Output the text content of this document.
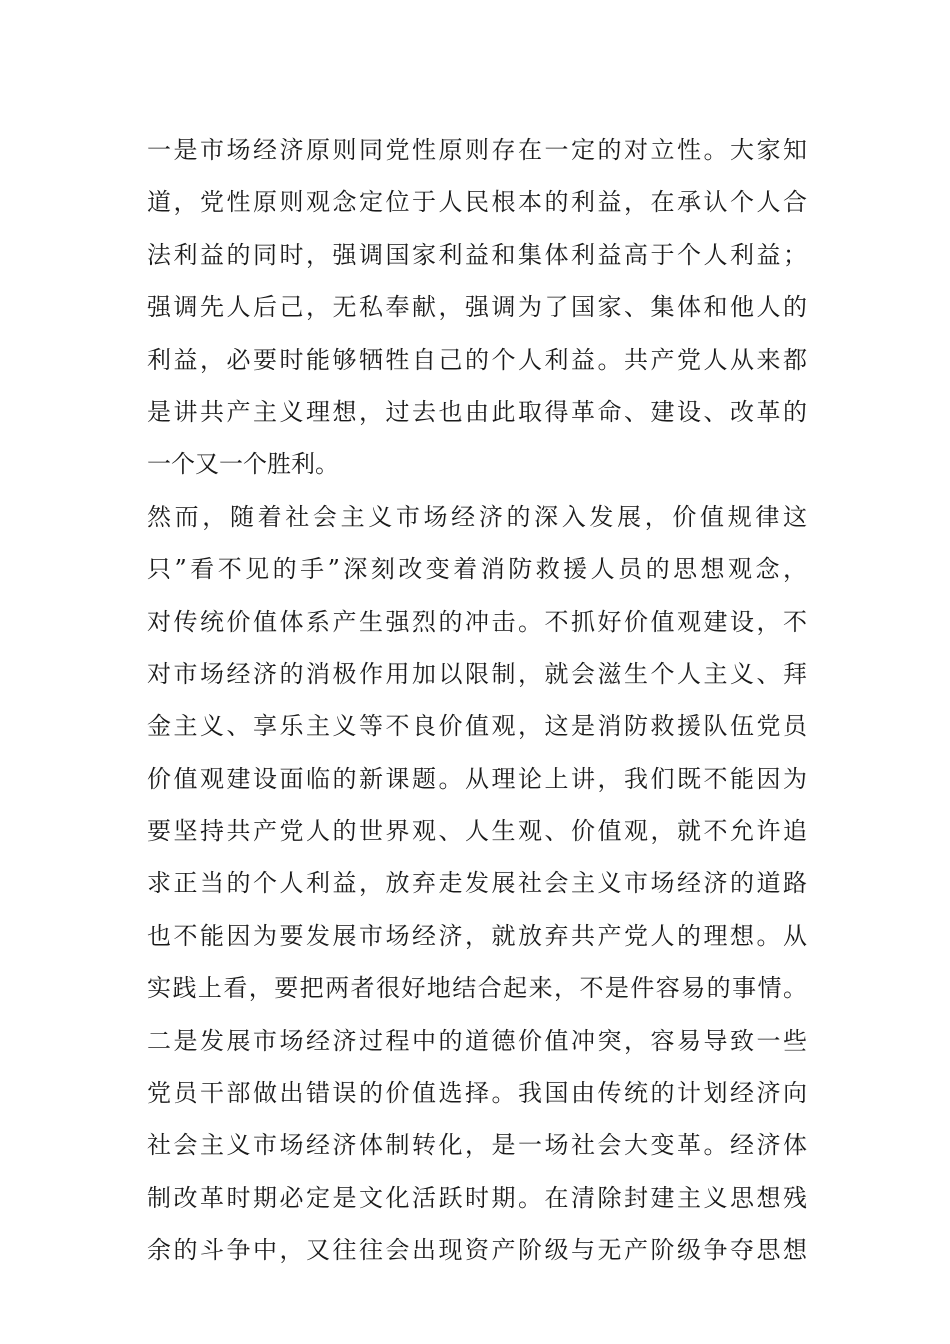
一是市场经济原则同党性原则存在一定的对立性。大家知
道，党性原则观念定位于人民根本的利益，在承认个人合
法利益的同时，强调国家利益和集体利益高于个人利益；
强调先人后己，无私奉献，强调为了国家、集体和他人的
利益，必要时能够牺牲自己的个人利益。共产党人从来都
是讲共产主义理想，过去也由此取得革命、建设、改革的
一个又一个胜利。
然而，随着社会主义市场经济的深入发展，价值规律这
只”看不见的手”深刻改变着消防救援人员的思想观念，
对传统价值体系产生强烈的冲击。不抓好价值观建设，不
对市场经济的消极作用加以限制，就会滋生个人主义、拜
金主义、享乐主义等不良价值观，这是消防救援队伍党员
价值观建设面临的新课题。从理论上讲，我们既不能因为
要坚持共产党人的世界观、人生观、价值观，就不允许追
求正当的个人利益，放弃走发展社会主义市场经济的道路
也不能因为要发展市场经济，就放弃共产党人的理想。从
实践上看，要把两者很好地结合起来，不是件容易的事情。
二是发展市场经济过程中的道德价值冲突，容易导致一些
党员干部做出错误的价值选择。我国由传统的计划经济向
社会主义市场经济体制转化，是一场社会大变革。经济体
制改革时期必定是文化活跃时期。在清除封建主义思想残
余的斗争中，又往往会出现资产阶级与无产阶级争夺思想
